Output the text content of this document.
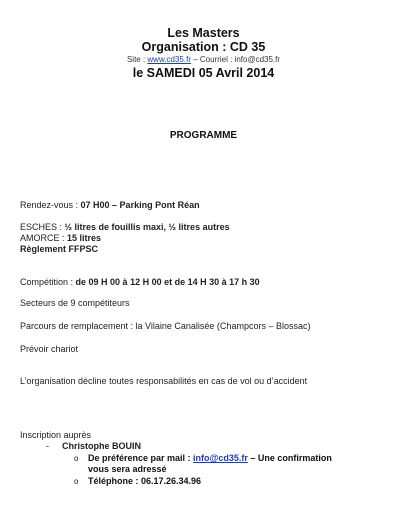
Les Masters
Organisation : CD 35
Site : www.cd35.fr – Courriel : info@cd35.fr
le SAMEDI 05 Avril 2014
PROGRAMME
Rendez-vous : 07 H00 – Parking Pont Réan
ESCHES : ½ litres de fouillis maxi, ½ litres autres
AMORCE : 15 litres
Règlement FFPSC
Compétition : de 09 H 00 à 12 H 00 et de 14 H 30 à 17 h 30
Secteurs de 9 compétiteurs
Parcours de remplacement : la Vilaine Canalisée (Champcors – Blossac)
Prévoir chariot
L’organisation décline toutes responsabilités en cas de vol ou d’accident
Inscription auprès
- Christophe BOUIN
o De préférence par mail : info@cd35.fr – Une confirmation
vous sera adressé
o Téléphone : 06.17.26.34.96
